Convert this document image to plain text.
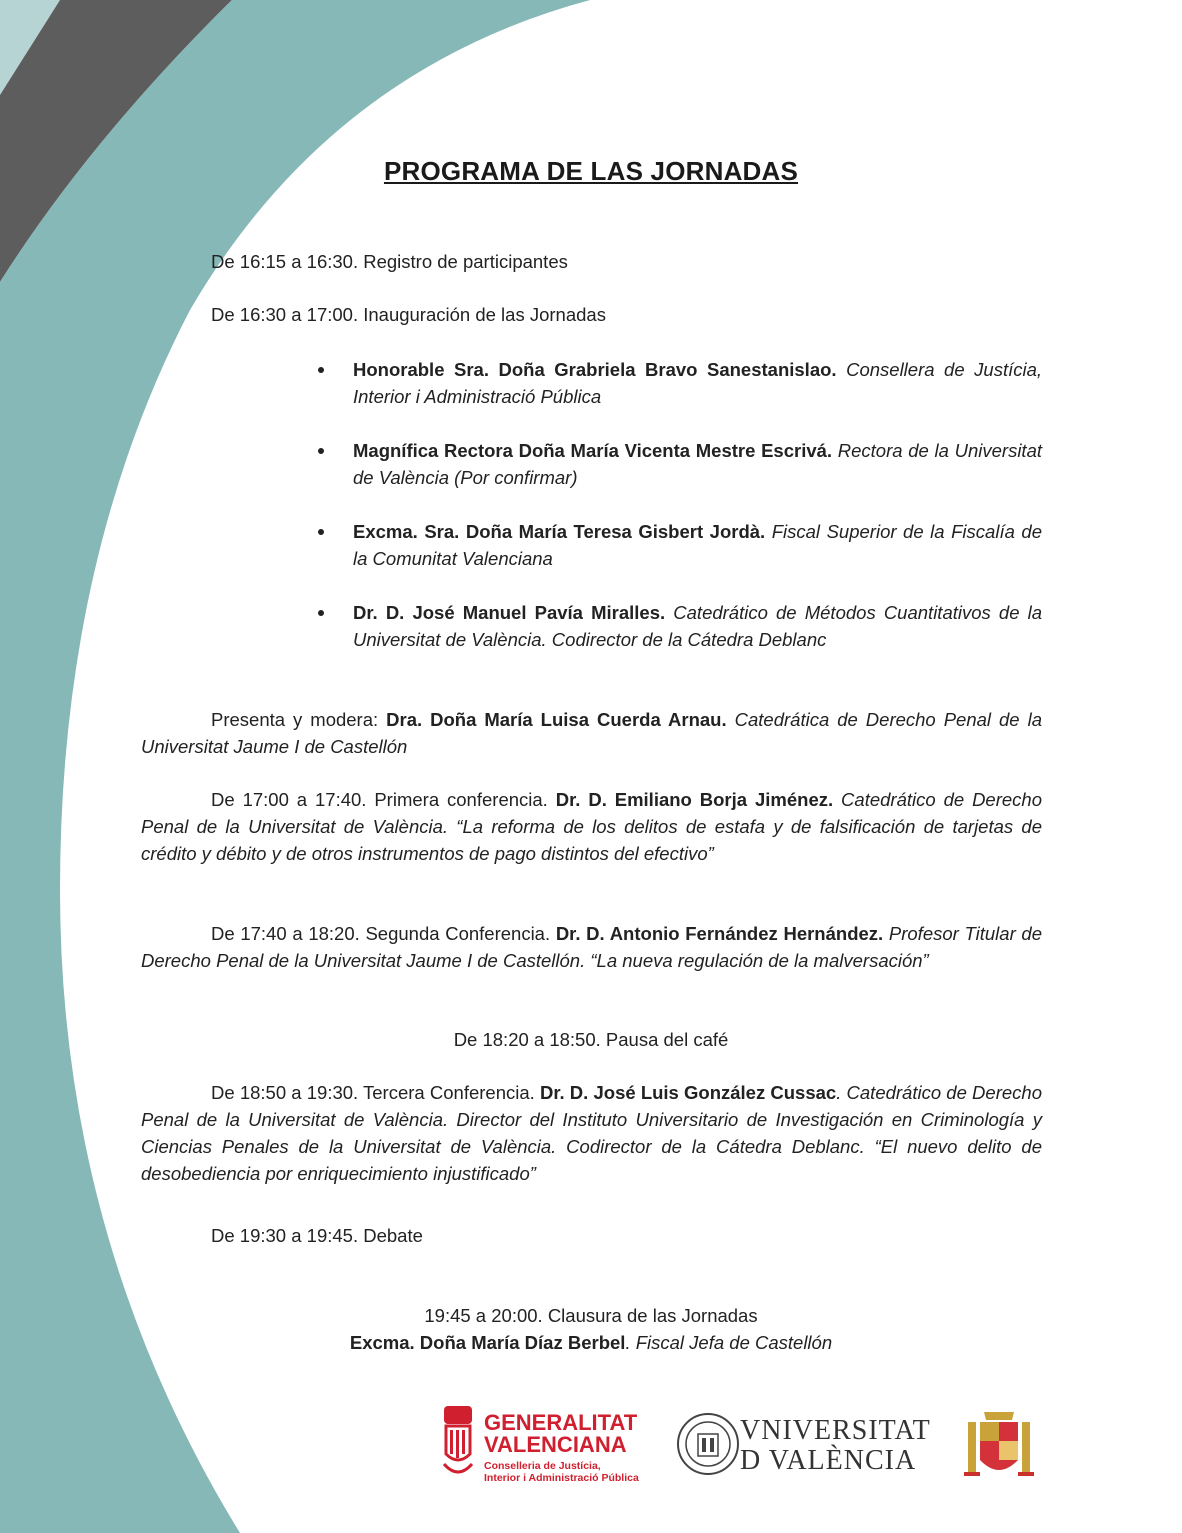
PROGRAMA DE LAS JORNADAS
De 16:15 a 16:30. Registro de participantes
De 16:30 a 17:00. Inauguración de las Jornadas
Honorable Sra. Doña Grabriela Bravo Sanestanislao. Consellera de Justícia, Interior i Administració Pública
Magnífica Rectora Doña María Vicenta Mestre Escrivá. Rectora de la Universitat de València (Por confirmar)
Excma. Sra. Doña María Teresa Gisbert Jordà. Fiscal Superior de la Fiscalía de la Comunitat Valenciana
Dr. D. José Manuel Pavía Miralles. Catedrático de Métodos Cuantitativos de la Universitat de València. Codirector de la Cátedra Deblanc
Presenta y modera: Dra. Doña María Luisa Cuerda Arnau. Catedrática de Derecho Penal de la Universitat Jaume I de Castellón
De 17:00 a 17:40. Primera conferencia. Dr. D. Emiliano Borja Jiménez. Catedrático de Derecho Penal de la Universitat de València. “La reforma de los delitos de estafa y de falsificación de tarjetas de crédito y débito y de otros instrumentos de pago distintos del efectivo”
De 17:40 a 18:20. Segunda Conferencia. Dr. D. Antonio Fernández Hernández. Profesor Titular de Derecho Penal de la Universitat Jaume I de Castellón. “La nueva regulación de la malversación”
De 18:20 a 18:50. Pausa del café
De 18:50 a 19:30. Tercera Conferencia. Dr. D. José Luis González Cussac. Catedrático de Derecho Penal de la Universitat de València. Director del Instituto Universitario de Investigación en Criminología y Ciencias Penales de la Universitat de València. Codirector de la Cátedra Deblanc. “El nuevo delito de desobediencia por enriquecimiento injustificado”
De 19:30 a 19:45. Debate
19:45 a 20:00. Clausura de las Jornadas
Excma. Doña María Díaz Berbel. Fiscal Jefa de Castellón
GENERALITAT
VALENCIANA
Conselleria de Justícia,
Interior i Administració Pública
VNIVERSITAT
D VALÈNCIA
